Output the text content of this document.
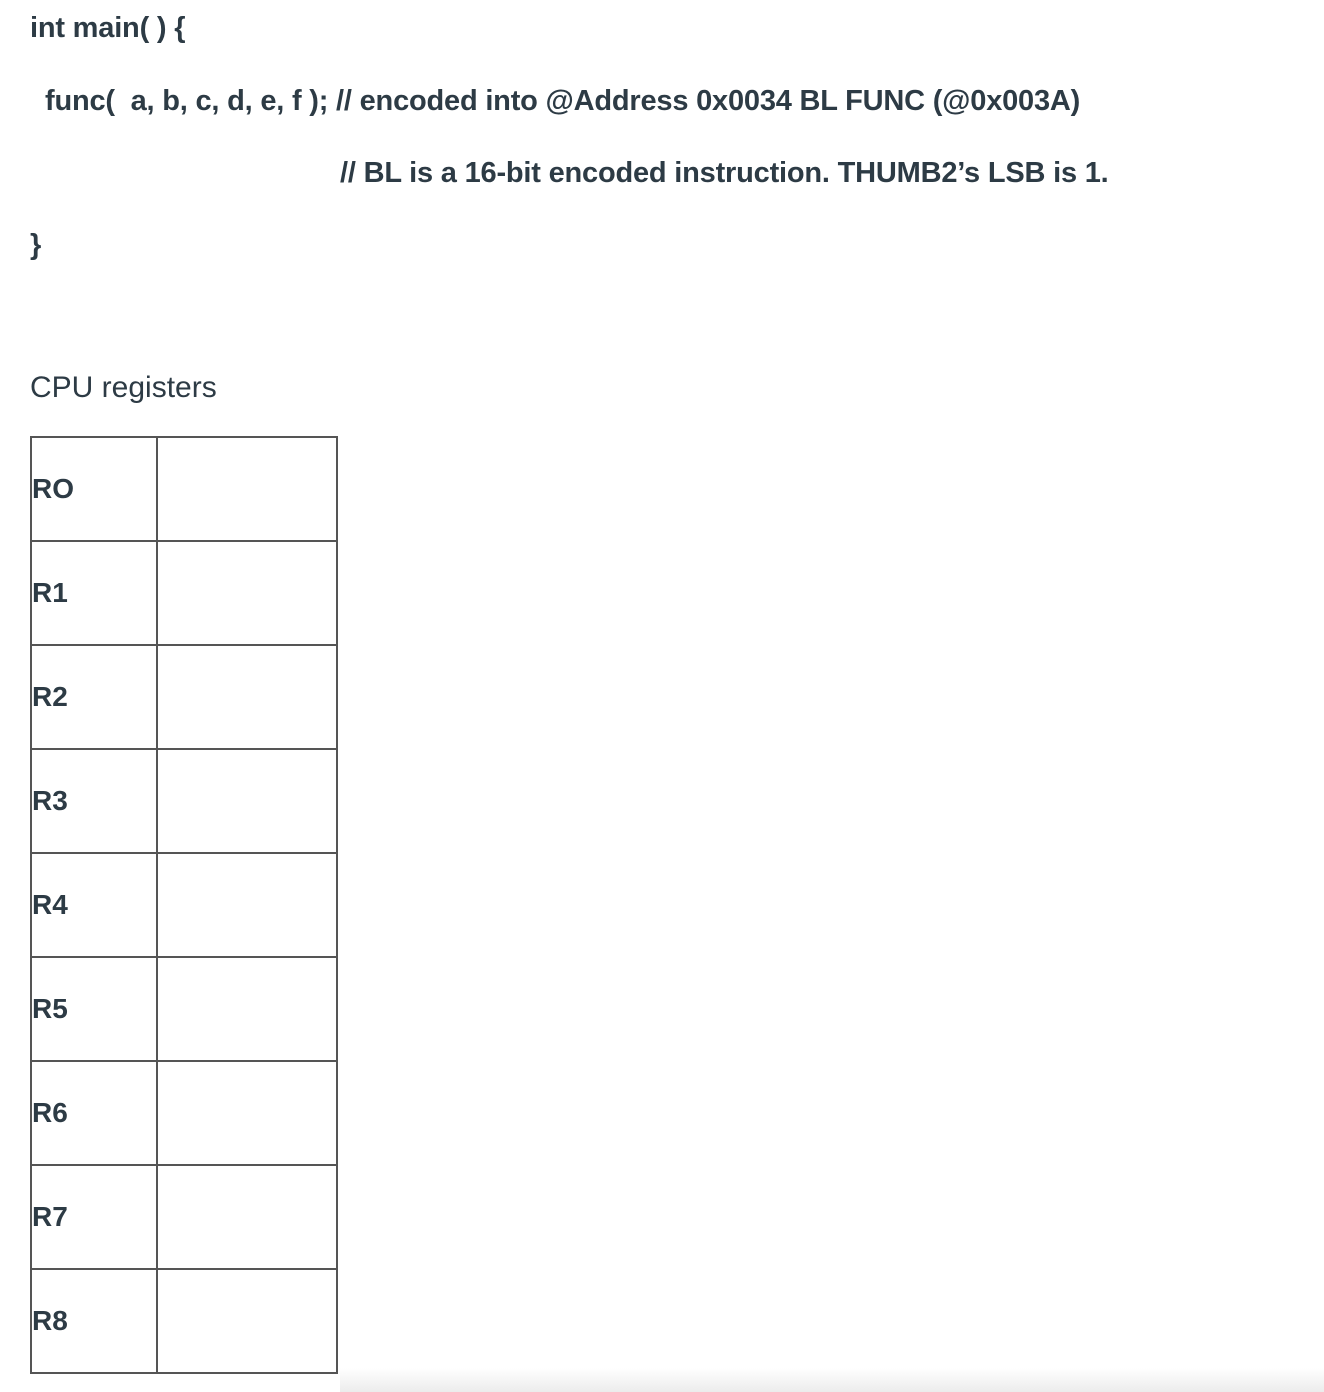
int main( ) {
func(  a, b, c, d, e, f ); // encoded into @Address 0x0034 BL FUNC (@0x003A)
// BL is a 16-bit encoded instruction. THUMB2’s LSB is 1.
}
CPU registers
RO	
R1	
R2	
R3	
R4	
R5	
R6	
R7	
R8	
